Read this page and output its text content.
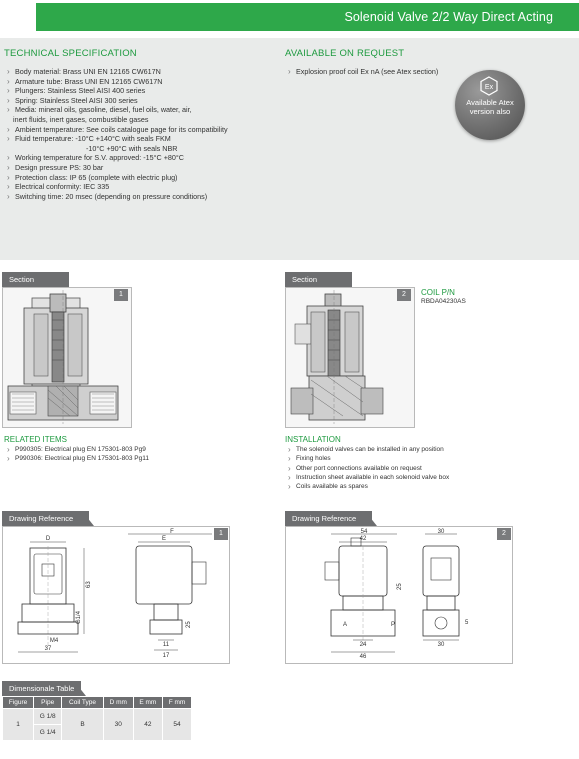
Solenoid Valve 2/2 Way Direct Acting
TECHNICAL SPECIFICATION
› Body material: Brass UNI EN 12165 CW617N
› Armature tube: Brass UNI EN 12165 CW617N
› Plungers: Stainless Steel AISI 400 series
› Spring: Stainless Steel AISI 300 series
› Media: mineral oils, gasoline, diesel, fuel oils, water, air,
inert fluids, inert gases, combustible gases
› Ambient temperature: See coils catalogue page for its compatibility
› Fluid temperature: -10°C +140°C with seals FKM
-10°C +90°C with seals NBR
› Working temperature for S.V. approved: -15°C +80°C
› Design pressure PS: 30 bar
› Protection class: IP 65 (complete with electric plug)
› Electrical conformity: IEC 335
› Switching time: 20 msec (depending on pressure conditions)
AVAILABLE ON REQUEST
› Explosion proof coil Ex nA (see Atex section)
Ex
Available Atex
version also
Section
1
Section
2	COIL P/N
RBDA04230AS
RELATED ITEMS
› P990305: Electrical plug EN 175301-803 Pg9
› P990306: Electrical plug EN 175301-803 Pg11
INSTALLATION
› The solenoid valves can be installed in any position
› Fixing holes
› Other port connections available on request
› Instruction sheet available in each solenoid valve box
› Coils available as spares
Drawing Reference
1
D
63
G1/4
M4
37
F
E
25
11
17
Drawing Reference
2
54
42
P
A
25
24
46
30
5
30
Dimensionale Table
Figure	Pipe	Coil Type	D mm	E mm	F mm
1	G 1/8	B	30	42	54
	G 1/4				
